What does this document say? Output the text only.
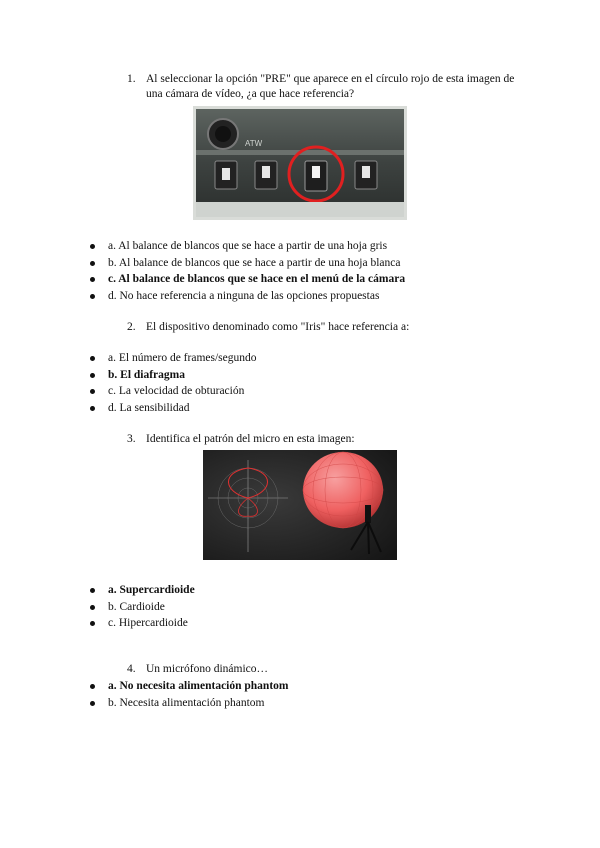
1. Al seleccionar la opción "PRE" que aparece en el círculo rojo de esta imagen de una cámara de vídeo, ¿a que hace referencia?
ATW
a. Al balance de blancos que se hace a partir de una hoja gris
b. Al balance de blancos que se hace a partir de una hoja blanca
c. Al balance de blancos que se hace en el menú de la cámara
d. No hace referencia a ninguna de las opciones propuestas
2. El dispositivo denominado como "Iris" hace referencia a:
a. El número de frames/segundo
b. El diafragma
c. La velocidad de obturación
d. La sensibilidad
3. Identifica el patrón del micro en esta imagen:
a. Supercardioide
b. Cardioide
c. Hipercardioide
4. Un micrófono dinámico…
a. No necesita alimentación phantom
b. Necesita alimentación phantom
